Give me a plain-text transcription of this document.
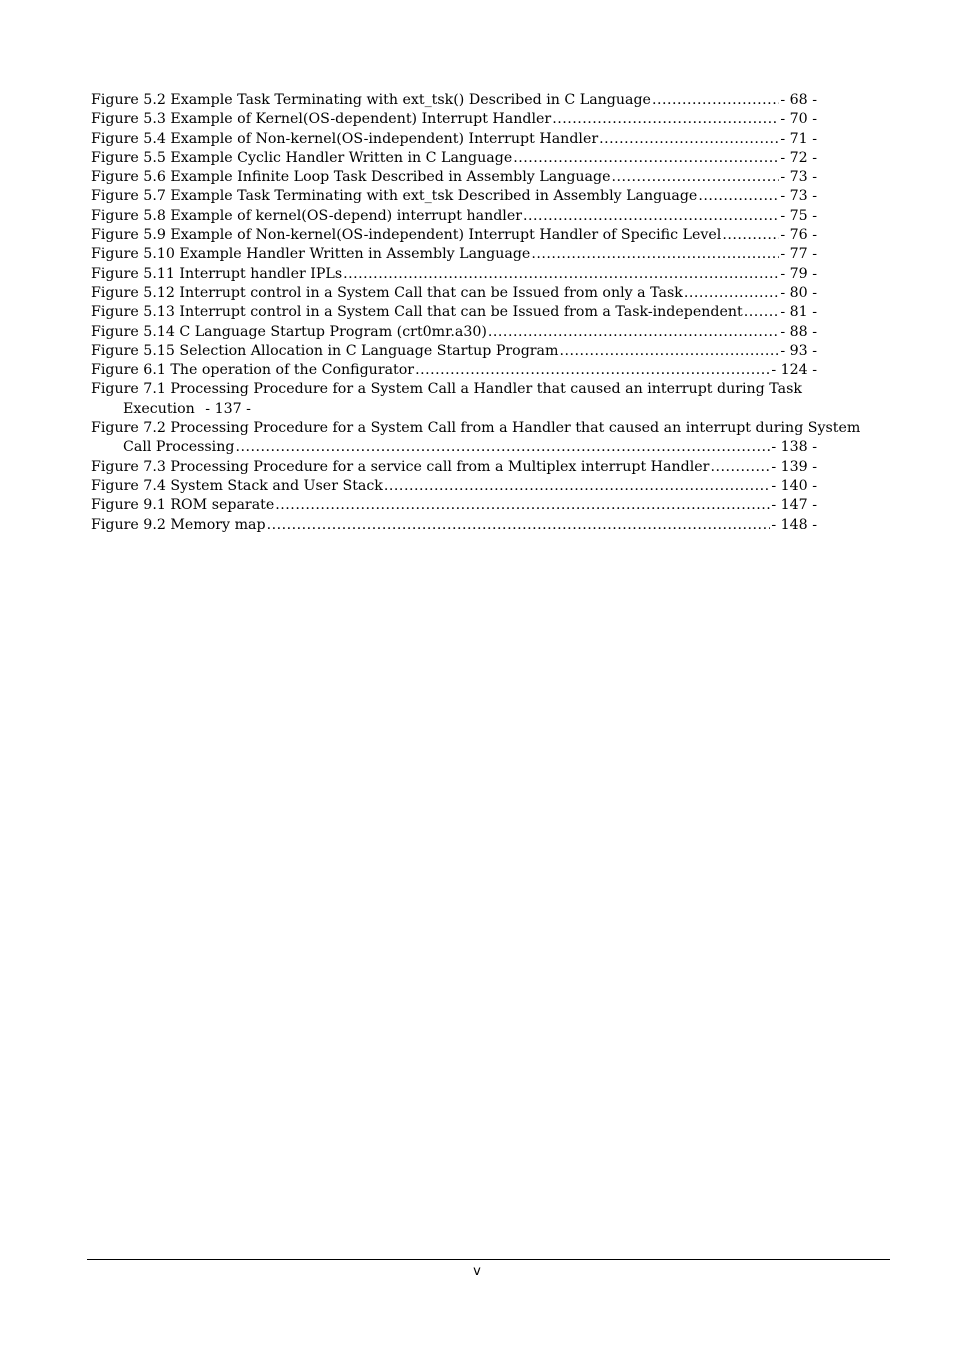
Figure 5.2 Example Task Terminating with ext_tsk() Described in C Language .....	- 68 -
Figure 5.3 Example of Kernel(OS-dependent) Interrupt Handler .....	- 70 -
Figure 5.4 Example of Non-kernel(OS-independent) Interrupt Handler .....	- 71 -
Figure 5.5 Example Cyclic Handler Written in C Language .....	- 72 -
Figure 5.6 Example Infinite Loop Task Described in Assembly Language .....	- 73 -
Figure 5.7 Example Task Terminating with ext_tsk Described in Assembly Language .....	- 73 -
Figure 5.8 Example of kernel(OS-depend) interrupt handler .....	- 75 -
Figure 5.9 Example of Non-kernel(OS-independent) Interrupt Handler of Specific Level .....	- 76 -
Figure 5.10 Example Handler Written in Assembly Language .....	- 77 -
Figure 5.11 Interrupt handler IPLs .....	- 79 -
Figure 5.12 Interrupt control in a System Call that can be Issued from only a Task .....	- 80 -
Figure 5.13 Interrupt control in a System Call that can be Issued from a Task-independent .....	- 81 -
Figure 5.14 C Language Startup Program (crt0mr.a30) .....	- 88 -
Figure 5.15 Selection Allocation in C Language Startup Program .....	- 93 -
Figure 6.1 The operation of the Configurator .....	- 124 -
Figure 7.1 Processing Procedure for a System Call a Handler that caused an interrupt during Task
Execution - 137 -
Figure 7.2 Processing Procedure for a System Call from a Handler that caused an interrupt during System
Call Processing .....	- 138 -
Figure 7.3 Processing Procedure for a service call from a Multiplex interrupt Handler .....	- 139 -
Figure 7.4 System Stack and User Stack .....	- 140 -
Figure 9.1 ROM separate .....	- 147 -
Figure 9.2 Memory map .....	- 148 -
v
